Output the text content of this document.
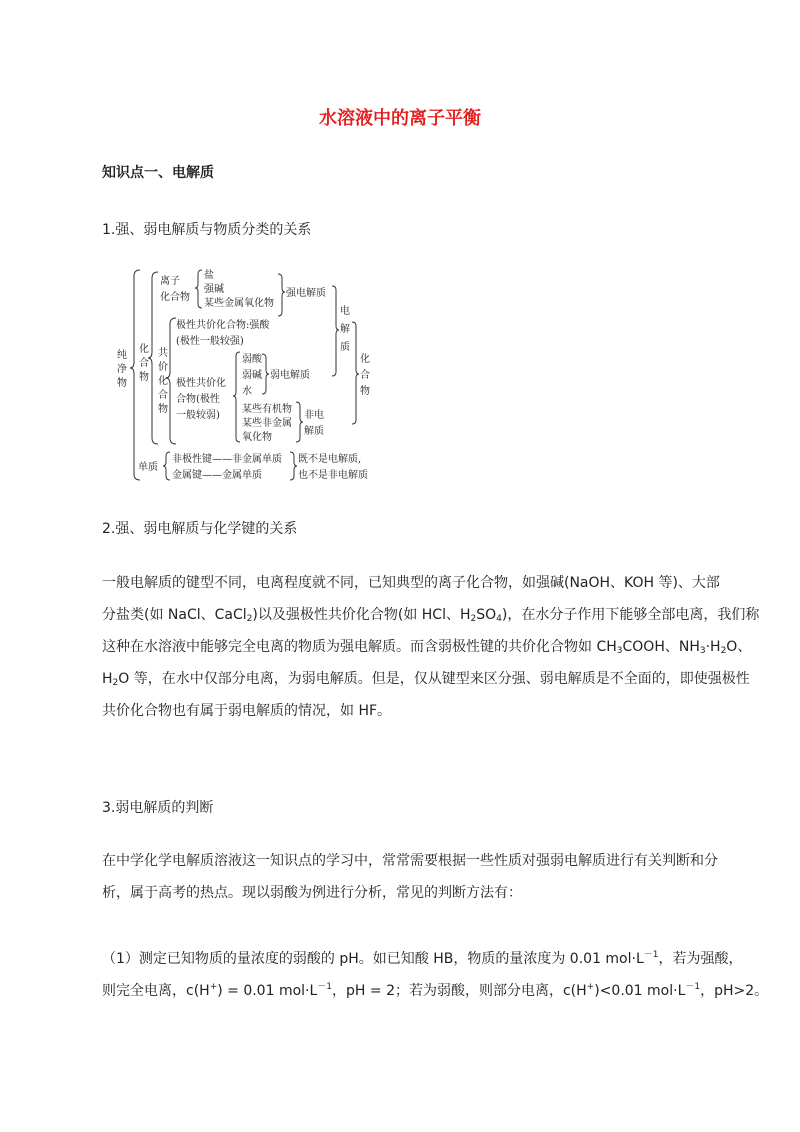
水溶液中的离子平衡
知识点一、电解质
1.强、弱电解质与物质分类的关系
纯
净
物
化
合
物
离子
化合物
盐
强碱
某些金属氧化物
强电解质
电
解
质
化
合
物
共
价
化
合
物
极性共价化合物:强酸
(极性一般较强)
极性共价化
合物(极性
一般较弱)
弱酸
弱碱
水
弱电解质
某些有机物
某些非金属
氧化物
非电
解质
单质
非极性键——非金属单质
金属键——金属单质
既不是电解质,
也不是非电解质
2.强、弱电解质与化学键的关系
一般电解质的键型不同，电离程度就不同，已知典型的离子化合物，如强碱(NaOH、KOH 等)、大部
分盐类(如 NaCl、CaCl$_2$)以及强极性共价化合物(如 HCl、$H_2SO_4$)，在水分子作用下能够全部电离，我们称
这种在水溶液中能够完全电离的物质为强电解质。而含弱极性键的共价化合物如 $CH_3COOH$、$NH_3\cdot H_2O$、
$H_2O$ 等，在水中仅部分电离，为弱电解质。但是，仅从键型来区分强、弱电解质是不全面的，即使强极性
共价化合物也有属于弱电解质的情况，如 HF。
3.弱电解质的判断
在中学化学电解质溶液这一知识点的学习中，常常需要根据一些性质对强弱电解质进行有关判断和分
析，属于高考的热点。现以弱酸为例进行分析，常见的判断方法有：
（1）测定已知物质的量浓度的弱酸的 pH。如已知酸 HB，物质的量浓度为 0.01 $mol\cdot L^{-1}$，若为强酸，
则完全电离，c(H+) = 0.01 $mol\cdot L^{-1}$，pH = 2；若为弱酸，则部分电离，c(H+)<0.01 $mol\cdot L^{-1}$，pH>2。
